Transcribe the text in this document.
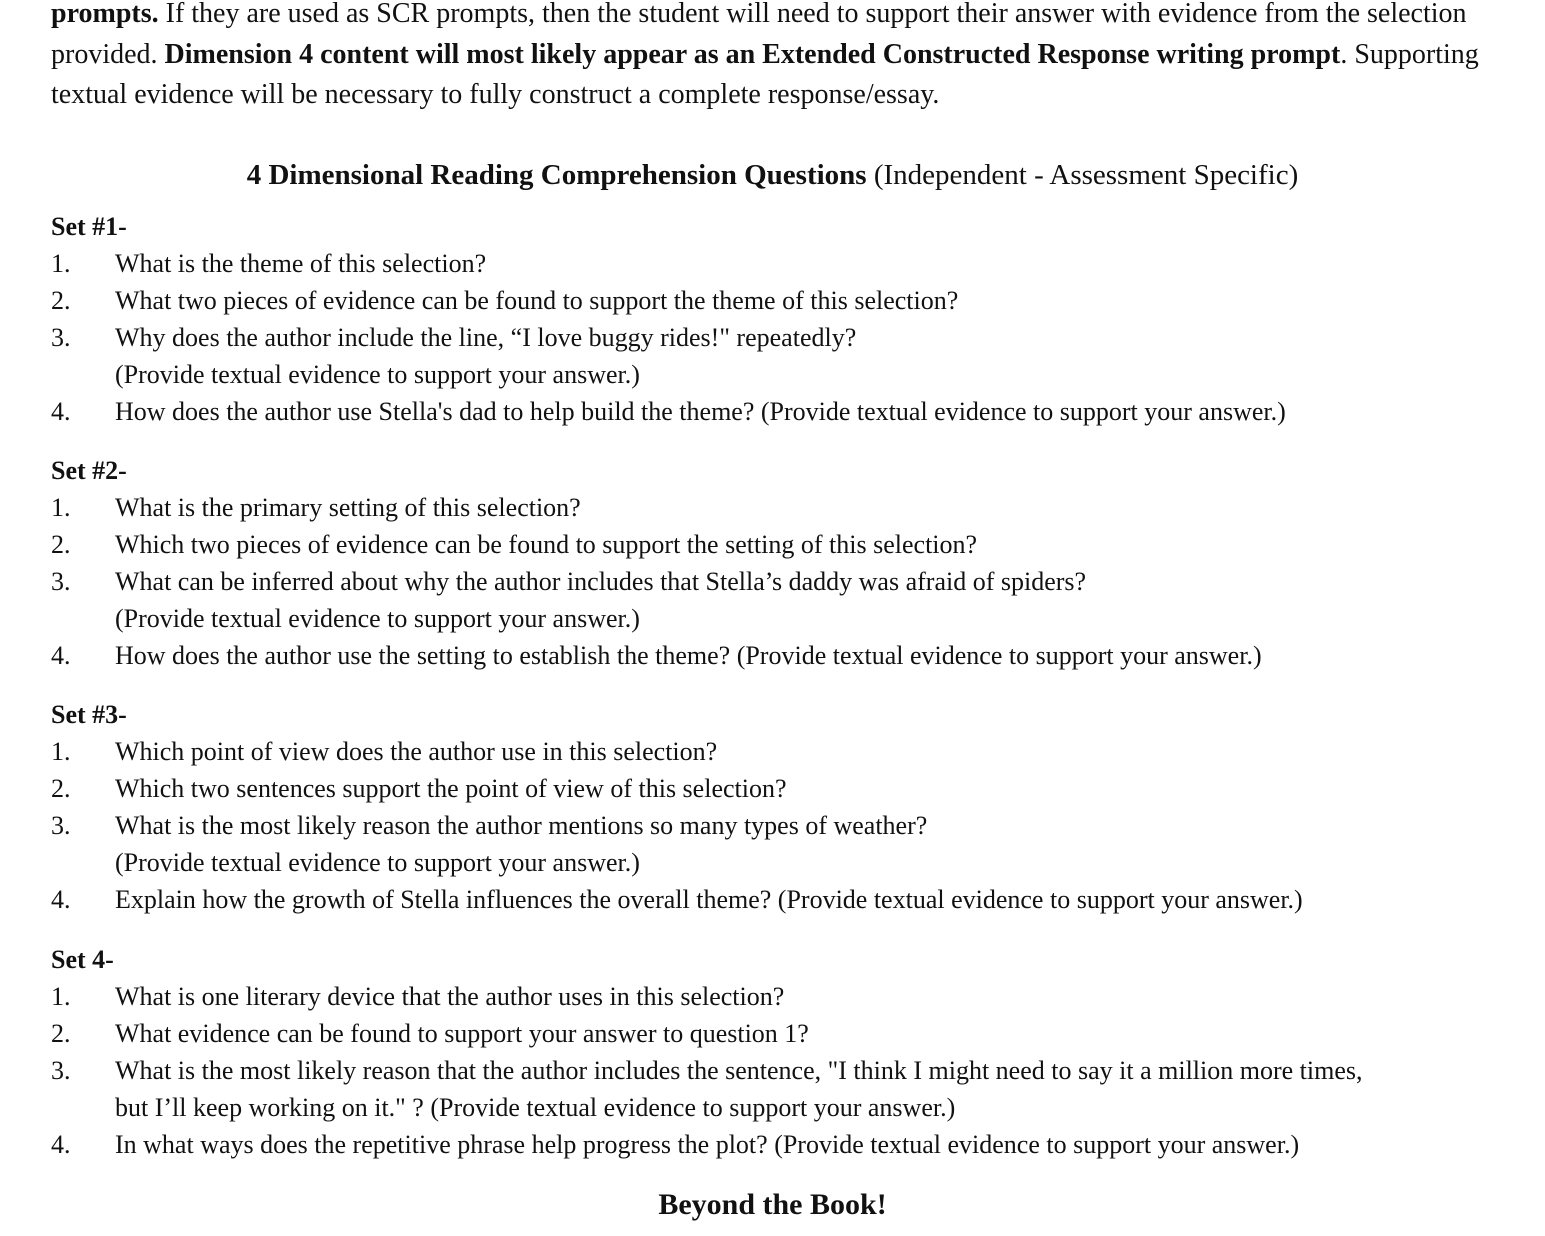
prompts. If they are used as SCR prompts, then the student will need to support their answer with evidence from the selection provided. Dimension 4 content will most likely appear as an Extended Constructed Response writing prompt. Supporting textual evidence will be necessary to fully construct a complete response/essay.

4 Dimensional Reading Comprehension Questions (Independent - Assessment Specific)
Set #1-
1.	What is the theme of this selection?
2.	What two pieces of evidence can be found to support the theme of this selection?
3.	Why does the author include the line, “I love buggy rides!" repeatedly?
(Provide textual evidence to support your answer.)
4.	How does the author use Stella's dad to help build the theme? (Provide textual evidence to support your answer.)
Set #2-
1.	What is the primary setting of this selection?
2.	Which two pieces of evidence can be found to support the setting of this selection?
3.	What can be inferred about why the author includes that Stella’s daddy was afraid of spiders?
(Provide textual evidence to support your answer.)
4.	How does the author use the setting to establish the theme? (Provide textual evidence to support your answer.)
Set #3-
1.	Which point of view does the author use in this selection?
2.	Which two sentences support the point of view of this selection?
3.	What is the most likely reason the author mentions so many types of weather?
(Provide textual evidence to support your answer.)
4.	Explain how the growth of Stella influences the overall theme? (Provide textual evidence to support your answer.)
Set 4-
1.	What is one literary device that the author uses in this selection?
2.	What evidence can be found to support your answer to question 1?
3.	What is the most likely reason that the author includes the sentence, "I think I might need to say it a million more times,
but I’ll keep working on it." ? (Provide textual evidence to support your answer.)
4.	In what ways does the repetitive phrase help progress the plot? (Provide textual evidence to support your answer.)
Beyond the Book!
